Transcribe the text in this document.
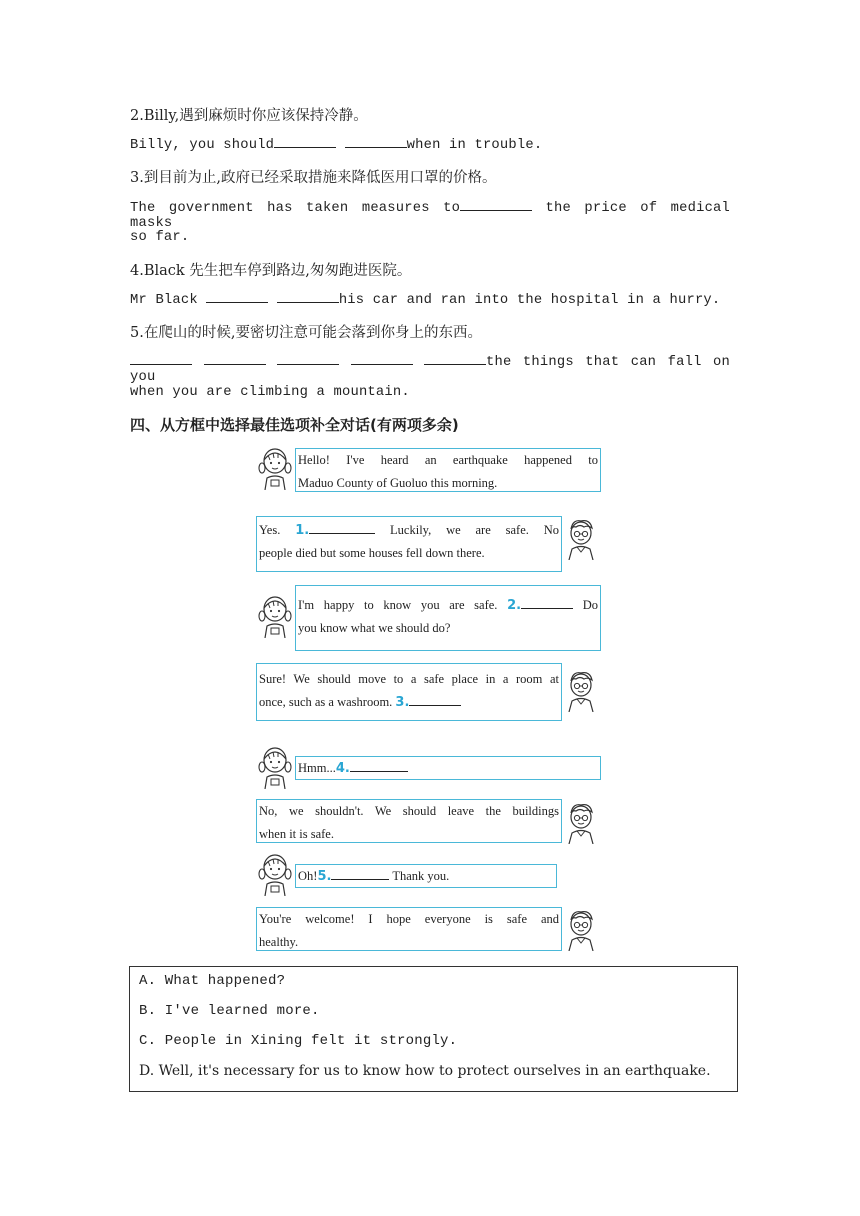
2.Billy,遇到麻烦时你应该保持冷静。
Billy, you should	when in trouble.
3.到目前为止,政府已经采取措施来降低医用口罩的价格。
The government has taken measures to	the price of medical masks
so far.
4.Black 先生把车停到路边,匆匆跑进医院。
Mr Black	his car and ran into the hospital in a hurry.
5.在爬山的时候,要密切注意可能会落到你身上的东西。
the things that can fall on you
when you are climbing a mountain.
四、从方框中选择最佳选项补全对话(有两项多余)
Hello! I've heard an earthquake happened to
Maduo County of Guoluo this morning.
Yes. 1.	Luckily, we are safe. No
people died but some houses fell down there.
I'm happy to know you are safe. 2.	Do
you know what we should do?
Sure! We should move to a safe place in a room at
once, such as a washroom. 3.
Hmm...4.
No, we shouldn't. We should leave the buildings
when it is safe.
Oh!5.	Thank you.
You're welcome! I hope everyone is safe and
healthy.
A. What happened?
B. I've learned more.
C. People in Xining felt it strongly.
D. Well, it's necessary for us to know how to protect ourselves in an earthquake.
